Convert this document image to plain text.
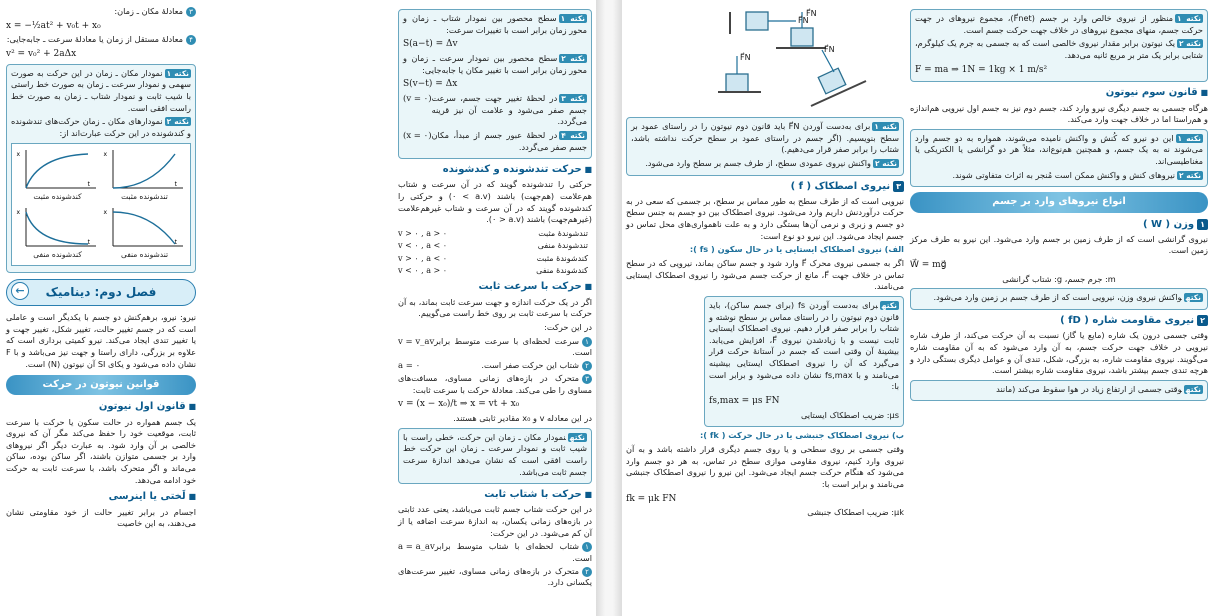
٣معادلهٔ مکان ـ زمان:

x = −½at² + v₀t + x₀

۴معادلهٔ مستقل از زمان یا معادلهٔ سرعت ـ جابه‌جایی:

v² = v₀² + 2aΔx

نکته ۱نمودار مکان ـ زمان در این حرکت به صورت سهمی و نمودار سرعت ـ زمان به صورت خط راستی با شیب ثابت و نمودار شتاب ـ زمان به صورت خط راست افقی است.

نکته ۲نمودارهای مکان ـ زمان حرکت‌های تندشونده و کندشونده در این حرکت عبارت‌اند از:

t
x
تندشونده مثبت
t
x
کندشونده مثبت
t
x
تندشونده منفی
t
x
کندشونده منفی
←	فصل دوم: دینامیک

نیرو: نیرو، برهم‌کنش دو جسم با یکدیگر است و عاملی است که در جسم تغییر حالت، تغییر شکل، تغییر جهت و یا تغییر تندی ایجاد می‌کند. نیرو کمیتی برداری است که علاوه بر بزرگی، دارای راستا و جهت نیز می‌باشد و با F نشان داده می‌شود و یکای SI آن نیوتون (N) است.

قوانین نیوتون در حرکت
■ قانون اول نیوتون

یک جسم همواره در حالت سکون یا حرکت با سرعت ثابت، موقعیت خود را حفظ می‌کند مگر آن که نیروی خالصی بر آن وارد شود. به عبارت دیگر اگر نیروهای وارد بر جسمی متوازن باشند، اگر ساکن بوده، ساکن می‌ماند و اگر متحرک باشد، با سرعت ثابت به حرکت خود ادامه می‌دهد.

■ لَختی یا اینرسی

اجسام در برابر تغییر حالت از خود مقاومتی نشان می‌دهند، به این خاصیت

نکته ۱سطح محصور بین نمودار شتاب ـ زمان و محور زمان برابر است با تغییرات سرعت:

S(a−t) = Δv

نکته ۲سطح محصور بین نمودار سرعت ـ زمان و محور زمان برابر است با تغییر مکان یا جابه‌جایی:

S(v−t) = Δx

نکته ۳در لحظهٔ تغییر جهت جسم، سرعت جسم صفر می‌شود و علامت آن نیز قرینه می‌گردد.

(v = ٠)

نکته ۴در لحظهٔ عبور جسم از مبدأ، مکان جسم صفر می‌گردد.

(x = ٠)
■ حرکت تندشونده و کندشونده

حرکتی را تندشونده گویند که در آن سرعت و شتاب هم‌علامت (هم‌جهت) باشند (a.v > ٠) و حرکتی را کندشونده گویند که در آن سرعت و شتاب غیرهم‌علامت (غیرهم‌جهت) باشند (a.v < ٠).

v > ٠ , a > ٠	تندشوندهٔ مثبت
v < ٠ , a < ٠	تندشوندهٔ منفی
v > ٠ , a < ٠	کندشوندهٔ مثبت
v < ٠ , a > ٠	کندشوندهٔ منفی
■ حرکت با سرعت ثابت

اگر در یک حرکت اندازه و جهت سرعت ثابت بماند، به آن حرکت با سرعت ثابت بر روی خط راست می‌گوییم.

در این حرکت:

١سرعت لحظه‌ای با سرعت متوسط برابر است.
v = v_av
٢شتاب این حرکت صفر است.
a = ٠

٣متحرک در بازه‌های زمانی مساوی، مسافت‌های مساوی را طی می‌کند. معادلهٔ حرکت با سرعت ثابت:

v = (x − x₀)/t ⇒ x = vt + x₀

در این معادله v و x₀ مقادیر ثابتی هستند.

نکتهنمودار مکان ـ زمان این حرکت، خطی راست با شیب ثابت و نمودار سرعت ـ زمان این حرکت خط راست افقی است که نشان می‌دهد اندازهٔ سرعت جسم ثابت می‌باشد.

■ حرکت با شتاب ثابت

در این حرکت شتاب جسم ثابت می‌باشد، یعنی عدد ثابتی در بازه‌های زمانی یکسان، به اندازهٔ سرعت اضافه یا از آن کم می‌شود. در این حرکت:

١شتاب لحظه‌ای با شتاب متوسط برابر است.
a = a_av

٢متحرک در بازه‌های زمانی مساوی، تغییر سرعت‌های یکسانی دارد.

F⃗N
F⃗N
F⃗N
F⃗N

نکته ۱برای به‌دست آوردن F⃗N باید قانون دوم نیوتون را در راستای عمود بر سطح بنویسیم. (اگر جسم در راستای عمود بر سطح حرکت نداشته باشد، شتاب را برابر صفر قرار می‌دهیم.)

نکته ۲واکنش نیروی عمودی سطح، از طرف جسم بر سطح وارد می‌شود.

٣نیروی اصطکاک ( f )

نیرویی است که از طرف سطح به طور مماس بر سطح، بر جسمی که سعی در به حرکت درآوردنش داریم وارد می‌شود. نیروی اصطکاک بین دو جسم به جنس سطح دو جسم و زبری و نرمی آن‌ها بستگی دارد و به علت ناهمواری‌های محل تماس دو جسم ایجاد می‌شود. این نیرو دو نوع است:

الف) نیروی اصطکاک ایستایی یا در حال سکون ( fs ):

اگر به جسمی نیروی محرک F⃗ وارد شود و جسم ساکن بماند، نیرویی که در سطح تماس در خلاف جهت F⃗، مانع از حرکت جسم می‌شود را نیروی اصطکاک ایستایی می‌نامند.

نکتهبرای به‌دست آوردن fs (برای جسم ساکن)، باید قانون دوم نیوتون را در راستای مماس بر سطح نوشته و شتاب را برابر صفر قرار دهیم. نیروی اصطکاک ایستایی ثابت نیست و با زیادشدن نیروی F⃗، افزایش می‌یابد. بیشینهٔ آن وقتی است که جسم در آستانهٔ حرکت قرار می‌گیرد که آن را نیروی اصطکاک ایستایی بیشینه می‌نامند و با fs,max نشان داده می‌شود و برابر است با:

fs,max = μs FN

μs: ضریب اصطکاک ایستایی

ب) نیروی اصطکاک جنبشی یا در حال حرکت ( fk ):

وقتی جسمی بر روی سطحی و یا روی جسم دیگری قرار داشته باشد و به آن نیروی وارد کنیم، نیروی مقاومی موازی سطح در تماس، به هر دو جسم وارد می‌شود که هنگام حرکت جسم ایجاد می‌شود. این نیرو را نیروی اصطکاک جنبشی می‌نامند و برابر است با:

fk = μk FN

μk: ضریب اصطکاک جنبشی

نکته ۱منظور از نیروی خالص وارد بر جسم (F⃗net)، مجموع نیروهای در جهت حرکت جسم، منهای مجموع نیروهای در خلاف جهت حرکت جسم است.

نکته ۲یک نیوتون برابر مقدار نیروی خالصی است که به جسمی به جرم یک کیلوگرم، شتابی برابر یک متر بر مربع ثانیه می‌دهد.

F = ma ⇒ 1N = 1kg × 1 m/s²
■ قانون سوم نیوتون

هرگاه جسمی به جسم دیگری نیرو وارد کند، جسم دوم نیز به جسم اول نیرویی هم‌اندازه و هم‌راستا اما در خلاف جهت وارد می‌کند.

نکته ۱این دو نیرو که کُنش و واکنش نامیده می‌شوند، همواره به دو جسم وارد می‌شوند نه به یک جسم، و همچنین هم‌نوع‌اند، مثلاً هر دو گرانشی یا الکتریکی یا مغناطیسی‌اند.

نکته ۲نیروهای کنش و واکنش ممکن است مُنجر به اثرات متفاوتی شوند.

انواع نیروهای وارد بر جسم
١وزن ( W )

نیروی گرانشی است که از طرف زمین بر جسم وارد می‌شود. این نیرو به طرف مرکز زمین است.

W⃗ = mg⃗

m: جرم جسم، g: شتاب گرانشی

نکتهواکنش نیروی وزن، نیرویی است که از طرف جسم بر زمین وارد می‌شود.

٢نیروی مقاومت شاره ( fD )

وقتی جسمی درون یک شاره (مایع یا گاز) نسبت به آن حرکت می‌کند، از طرف شاره نیرویی در خلاف جهت حرکت جسم، به آن وارد می‌شود که به آن مقاومت شاره می‌گویند. نیروی مقاومت شاره، به بزرگی، شکل، تندی آن و عوامل دیگری بستگی دارد و هرچه تندی جسم بیشتر باشد، نیروی مقاومت شاره بیشتر است.

نکتهوقتی جسمی از ارتفاع زیاد در هوا سقوط می‌کند (مانند
